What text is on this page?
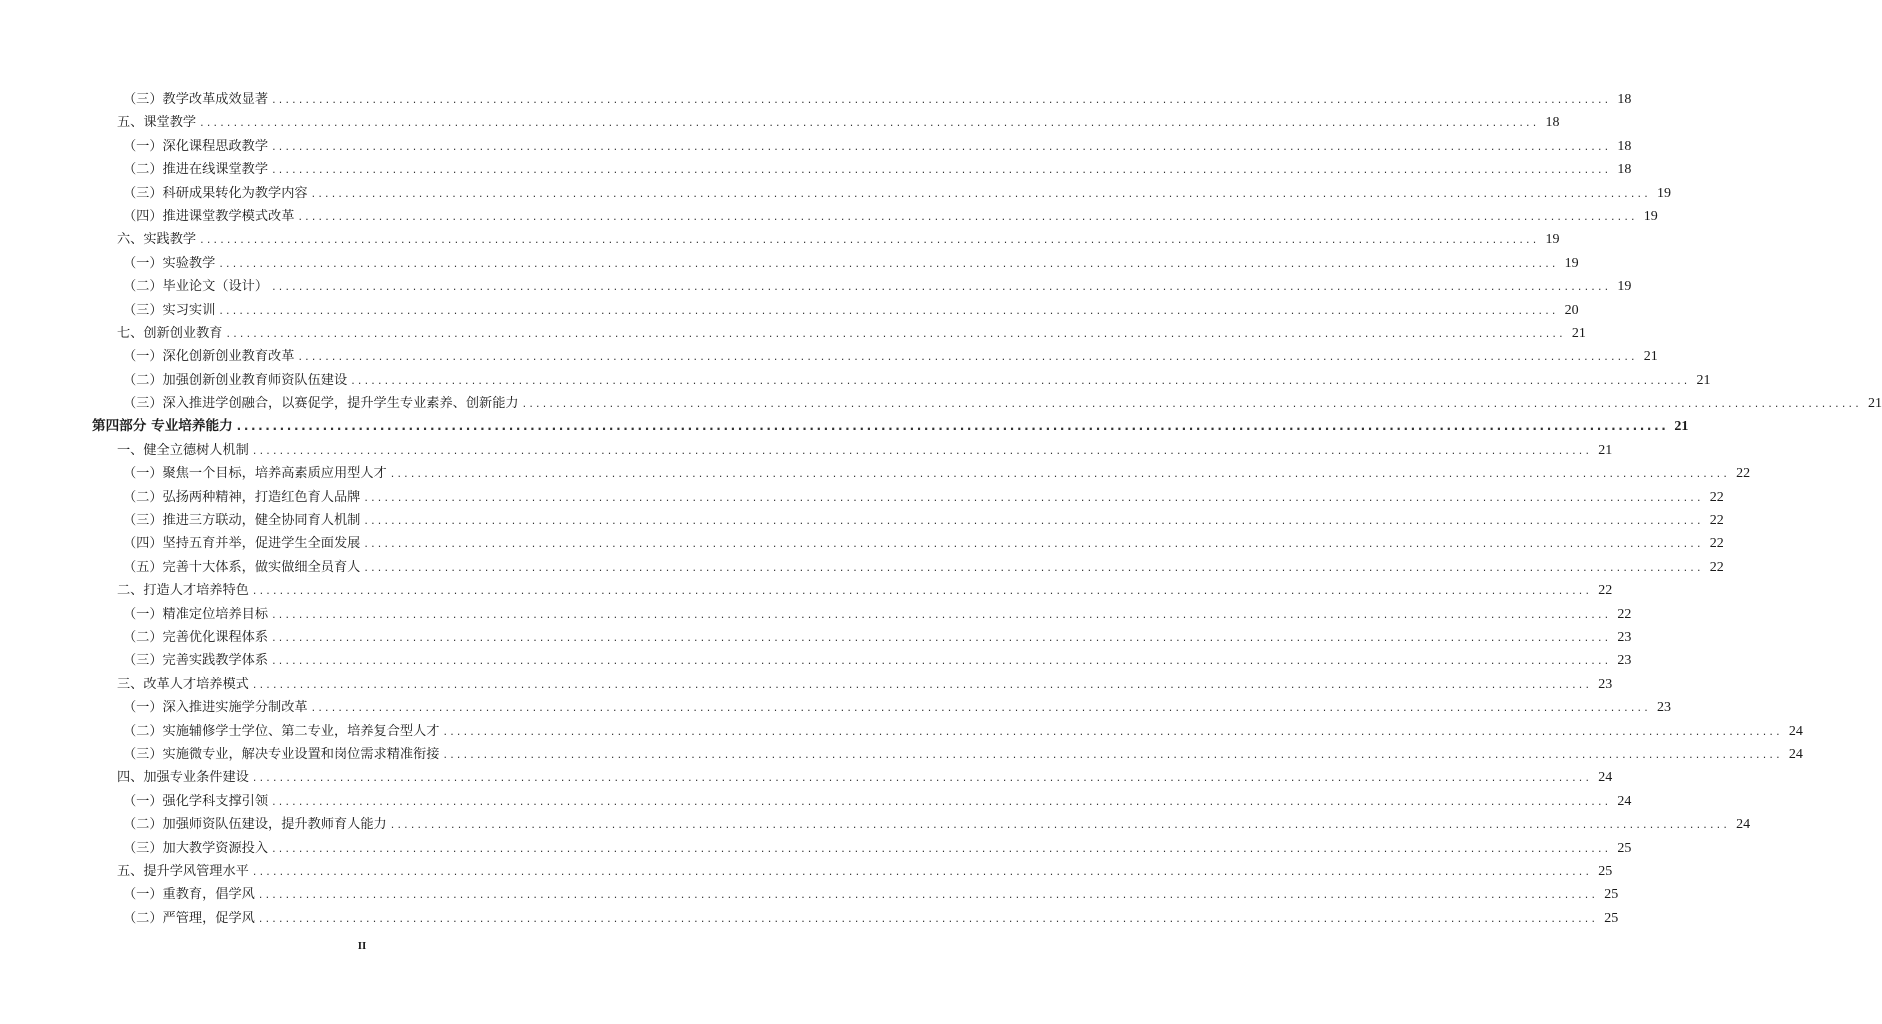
（三）教学改革成效显著 ........................................................................................................................................................................................................ 18
五、课堂教学 ........................................................................................................................................................................................................ 18
（一）深化课程思政教学 ........................................................................................................................................................................................................ 18
（二）推进在线课堂教学 ........................................................................................................................................................................................................ 18
（三）科研成果转化为教学内容 ........................................................................................................................................................................................................ 19
（四）推进课堂教学模式改革 ........................................................................................................................................................................................................ 19
六、实践教学 ........................................................................................................................................................................................................ 19
（一）实验教学 ........................................................................................................................................................................................................ 19
（二）毕业论文（设计） ........................................................................................................................................................................................................ 19
（三）实习实训 ........................................................................................................................................................................................................ 20
七、创新创业教育 ........................................................................................................................................................................................................ 21
（一）深化创新创业教育改革 ........................................................................................................................................................................................................ 21
（二）加强创新创业教育师资队伍建设 ........................................................................................................................................................................................................ 21
（三）深入推进学创融合，以赛促学，提升学生专业素养、创新能力 ........................................................................................................................................................................................................ 21
第四部分 专业培养能力 ........................................................................................................................................................................................................ 21
一、健全立德树人机制 ........................................................................................................................................................................................................ 21
（一）聚焦一个目标，培养高素质应用型人才 ........................................................................................................................................................................................................ 22
（二）弘扬两种精神，打造红色育人品牌 ........................................................................................................................................................................................................ 22
（三）推进三方联动，健全协同育人机制 ........................................................................................................................................................................................................ 22
（四）坚持五育并举，促进学生全面发展 ........................................................................................................................................................................................................ 22
（五）完善十大体系，做实做细全员育人 ........................................................................................................................................................................................................ 22
二、打造人才培养特色 ........................................................................................................................................................................................................ 22
（一）精准定位培养目标 ........................................................................................................................................................................................................ 22
（二）完善优化课程体系 ........................................................................................................................................................................................................ 23
（三）完善实践教学体系 ........................................................................................................................................................................................................ 23
三、改革人才培养模式 ........................................................................................................................................................................................................ 23
（一）深入推进实施学分制改革 ........................................................................................................................................................................................................ 23
（二）实施辅修学士学位、第二专业，培养复合型人才 ........................................................................................................................................................................................................ 24
（三）实施微专业，解决专业设置和岗位需求精准衔接 ........................................................................................................................................................................................................ 24
四、加强专业条件建设 ........................................................................................................................................................................................................ 24
（一）强化学科支撑引领 ........................................................................................................................................................................................................ 24
（二）加强师资队伍建设，提升教师育人能力 ........................................................................................................................................................................................................ 24
（三）加大教学资源投入 ........................................................................................................................................................................................................ 25
五、提升学风管理水平 ........................................................................................................................................................................................................ 25
（一）重教育，倡学风 ........................................................................................................................................................................................................ 25
（二）严管理，促学风 ........................................................................................................................................................................................................ 25
II
